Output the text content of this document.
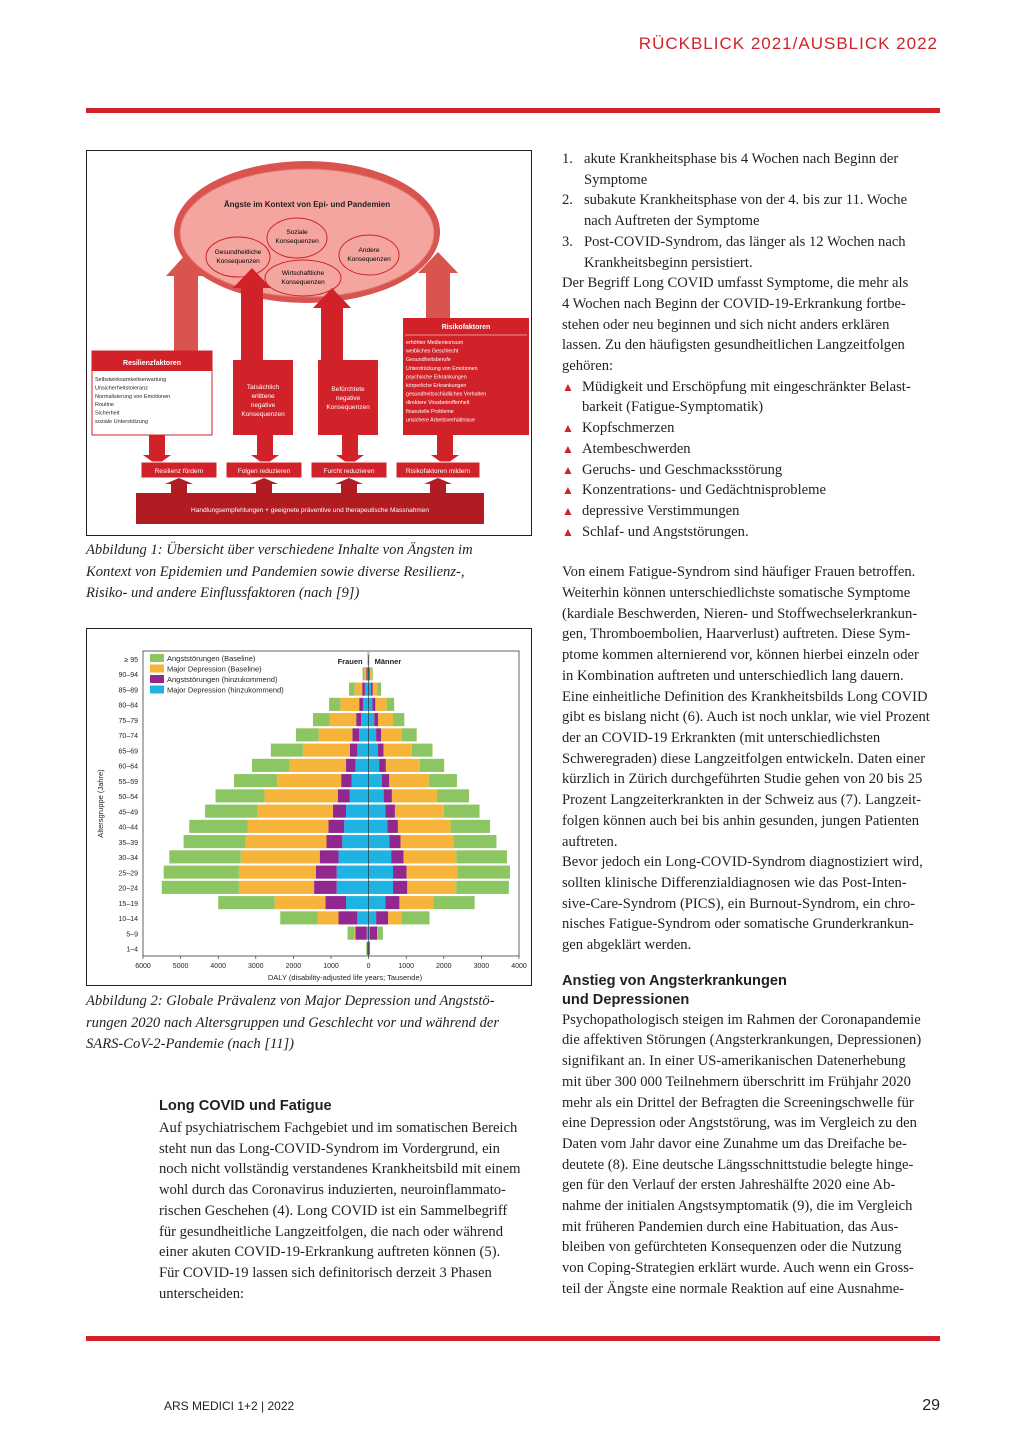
RÜCKBLICK 2021/AUSBLICK 2022
Ängste im Kontext von Epi- und Pandemien
Soziale
Konsequenzen
Gesundheitliche
Konsequenzen
Andere
Konsequenzen
Wirtschaftliche
Konsequenzen
Resilienzfaktoren
Selbstwirksamkeitserwartung
Unsicherheitstoleranz
Normalisierung von Emotionen
Routine
Sicherheit
soziale Unterstützung
Tatsächlich
erlittene
negative
Konsequenzen
Befürchtete
negative
Konsequenzen
Risikofaktoren
erhöhter Medienkonsum
weibliches Geschlecht
Gesundheitsberufe
Unterdrückung von Emotionen
psychische Erkrankungen
körperliche Erkrankungen
gesundheitsschädliches Verhalten
direktere Virusbetroffenheit
finanzielle Probleme
unsichere Arbeitsverhältnisse
Resilienz fördern	Folgen reduzieren	Furcht reduzieren	Risikofaktoren mildern
Handlungsempfehlungen + geeignete präventive und therapeutische Massnahmen
Abbildung 1: Übersicht über verschiedene Inhalte von Ängsten im
Kontext von Epidemien und Pandemien sowie diverse Resilienz-,
Risiko- und andere Einflussfaktoren (nach [9])
≥ 95
90–94
85–89
80–84
75–79
70–74
65–69
60–64
55–59
50–54
45–49
40–44
35–39
30–34
25–29
20–24
15–19
10–14
5–9
1–4
Frauen Männer
6000	5000	4000	3000	2000	1000	0	1000	2000	3000	4000
DALY (disability-adjusted life years; Tausende)
Altersgruppe (Jahre)
Angststörungen (Baseline)
Major Depression (Baseline)
Angststörungen (hinzukommend)
Major Depression (hinzukommend)
Abbildung 2: Globale Prävalenz von Major Depression und Angststö-
rungen 2020 nach Altersgruppen und Geschlecht vor und während der
SARS-CoV-2-Pandemie (nach [11])

Long COVID und Fatigue

Auf psychiatrischem Fachgebiet und im somatischen Bereich
steht nun das Long-COVID-Syndrom im Vordergrund, ein
noch nicht vollständig verstandenes Krankheitsbild mit einem
wohl durch das Coronavirus induzierten, neuroinflammato-
rischen Geschehen (4). Long COVID ist ein Sammelbegriff
für gesundheitliche Langzeitfolgen, die nach oder während
einer akuten COVID-19-Erkrankung auftreten können (5).
Für COVID-19 lassen sich definitorisch derzeit 3 Phasen
unterscheiden:
1. akute Krankheitsphase bis 4 Wochen nach Beginn der
Symptome
2. subakute Krankheitsphase von der 4. bis zur 11. Woche
nach Auftreten der Symptome
3. Post-COVID-Syndrom, das länger als 12 Wochen nach
Krankheitsbeginn persistiert.
Der Begriff Long COVID umfasst Symptome, die mehr als
4 Wochen nach Beginn der COVID-19-Erkrankung fortbe-
stehen oder neu beginnen und sich nicht anders erklären
lassen. Zu den häufigsten gesundheitlichen Langzeitfolgen
gehören:
▲ Müdigkeit und Erschöpfung mit eingeschränkter Belast-
barkeit (Fatigue-Symptomatik)
▲ Kopfschmerzen
▲ Atembeschwerden
▲ Geruchs- und Geschmacksstörung
▲ Konzentrations- und Gedächtnisprobleme
▲ depressive Verstimmungen
▲ Schlaf- und Angststörungen.
Von einem Fatigue-Syndrom sind häufiger Frauen betroffen.
Weiterhin können unterschiedlichste somatische Symptome
(kardiale Beschwerden, Nieren- und Stoffwechselerkrankun-
gen, Thromboembolien, Haarverlust) auftreten. Diese Sym-
ptome kommen alternierend vor, können hierbei einzeln oder
in Kombination auftreten und unterschiedlich lang dauern.
Eine einheitliche Definition des Krankheitsbilds Long COVID
gibt es bislang nicht (6). Auch ist noch unklar, wie viel Prozent
der an COVID-19 Erkrankten (mit unterschiedlichsten
Schweregraden) diese Langzeitfolgen entwickeln. Daten einer
kürzlich in Zürich durchgeführten Studie gehen von 20 bis 25
Prozent Langzeiterkrankten in der Schweiz aus (7). Langzeit-
folgen können auch bei bis anhin gesunden, jungen Patienten
auftreten.
Bevor jedoch ein Long-COVID-Syndrom diagnostiziert wird,
sollten klinische Differenzialdiagnosen wie das Post-Inten-
sive-Care-Syndrom (PICS), ein Burnout-Syndrom, ein chro-
nisches Fatigue-Syndrom oder somatische Grunderkrankun-
gen abgeklärt werden.

Anstieg von Angsterkrankungen

und Depressionen

Psychopathologisch steigen im Rahmen der Coronapandemie
die affektiven Störungen (Angsterkrankungen, Depressionen)
signifikant an. In einer US-amerikanischen Datenerhebung
mit über 300 000 Teilnehmern überschritt im Frühjahr 2020
mehr als ein Drittel der Befragten die Screeningschwelle für
eine Depression oder Angststörung, was im Vergleich zu den
Daten vom Jahr davor eine Zunahme um das Dreifache be-
deutete (8). Eine deutsche Längsschnittstudie belegte hinge-
gen für den Verlauf der ersten Jahreshälfte 2020 eine Ab-
nahme der initialen Angstsymptomatik (9), die im Vergleich
mit früheren Pandemien durch eine Habituation, das Aus-
bleiben von gefürchteten Konsequenzen oder die Nutzung
von Coping-Strategien erklärt wurde. Auch wenn ein Gross-
teil der Ängste eine normale Reaktion auf eine Ausnahme-
ARS MEDICI 1+2 | 2022	29
